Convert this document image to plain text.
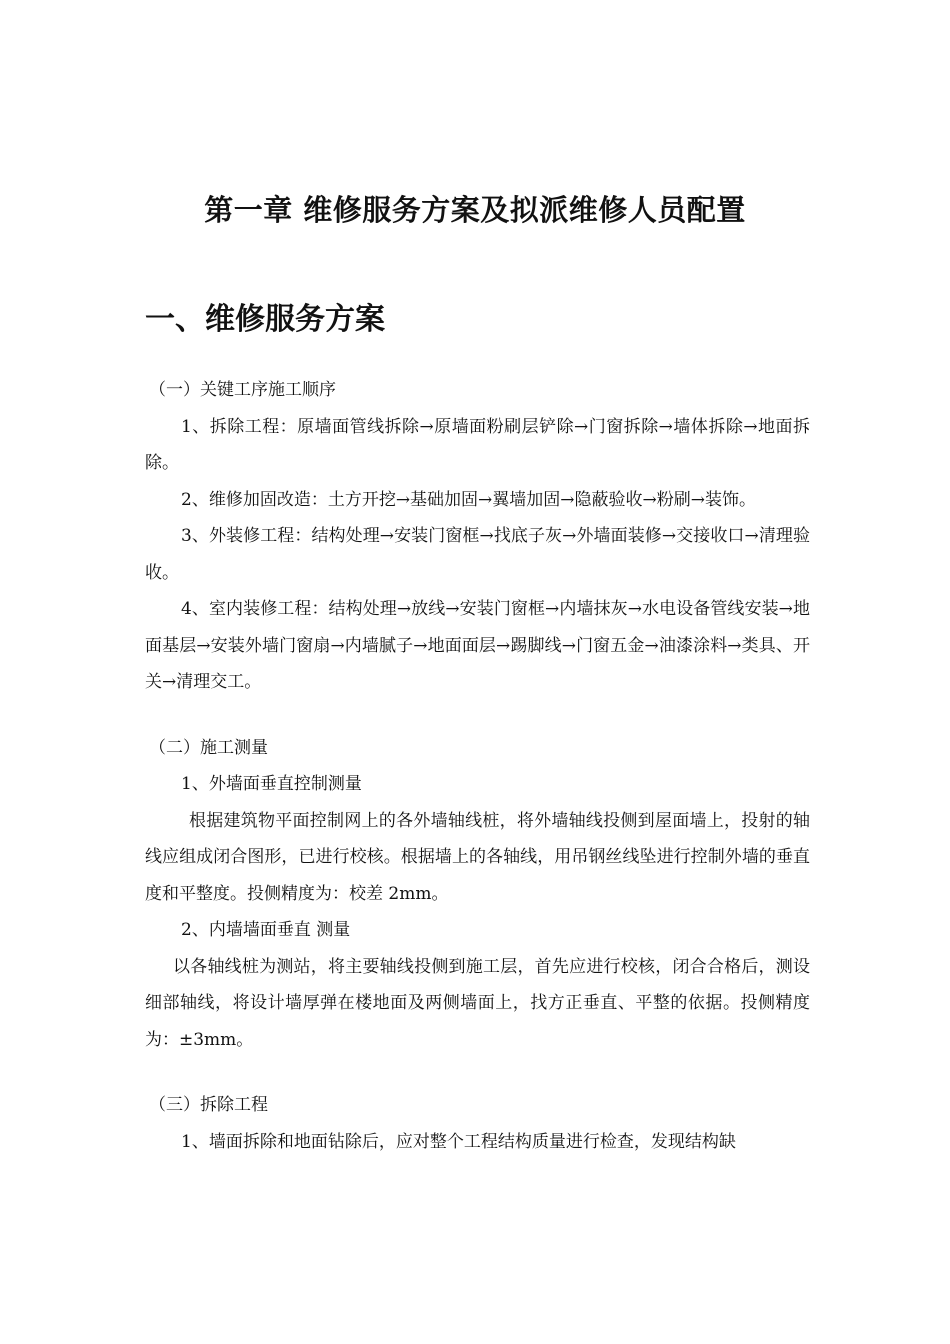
第一章 维修服务方案及拟派维修人员配置
一、维修服务方案

（一）关键工序施工顺序

1、拆除工程：原墙面管线拆除→原墙面粉刷层铲除→门窗拆除→墙体拆除→地面拆除。

2、维修加固改造：土方开挖→基础加固→翼墙加固→隐蔽验收→粉刷→装饰。

3、外装修工程：结构处理→安装门窗框→找底子灰→外墙面装修→交接收口→清理验收。

4、室内装修工程：结构处理→放线→安装门窗框→内墙抹灰→水电设备管线安装→地面基层→安装外墙门窗扇→内墙腻子→地面面层→踢脚线→门窗五金→油漆涂料→类具、开关→清理交工。

（二）施工测量

1、外墙面垂直控制测量

根据建筑物平面控制网上的各外墙轴线桩，将外墙轴线投侧到屋面墙上，投射的轴线应组成闭合图形，已进行校核。根据墙上的各轴线，用吊钢丝线坠进行控制外墙的垂直度和平整度。投侧精度为：校差 2mm。

2、内墙墙面垂直 测量

以各轴线桩为测站，将主要轴线投侧到施工层，首先应进行校核，闭合合格后，测设细部轴线，将设计墙厚弹在楼地面及两侧墙面上，找方正垂直、平整的依据。投侧精度为：±3mm。

（三）拆除工程

1、墙面拆除和地面钻除后，应对整个工程结构质量进行检查，发现结构缺
